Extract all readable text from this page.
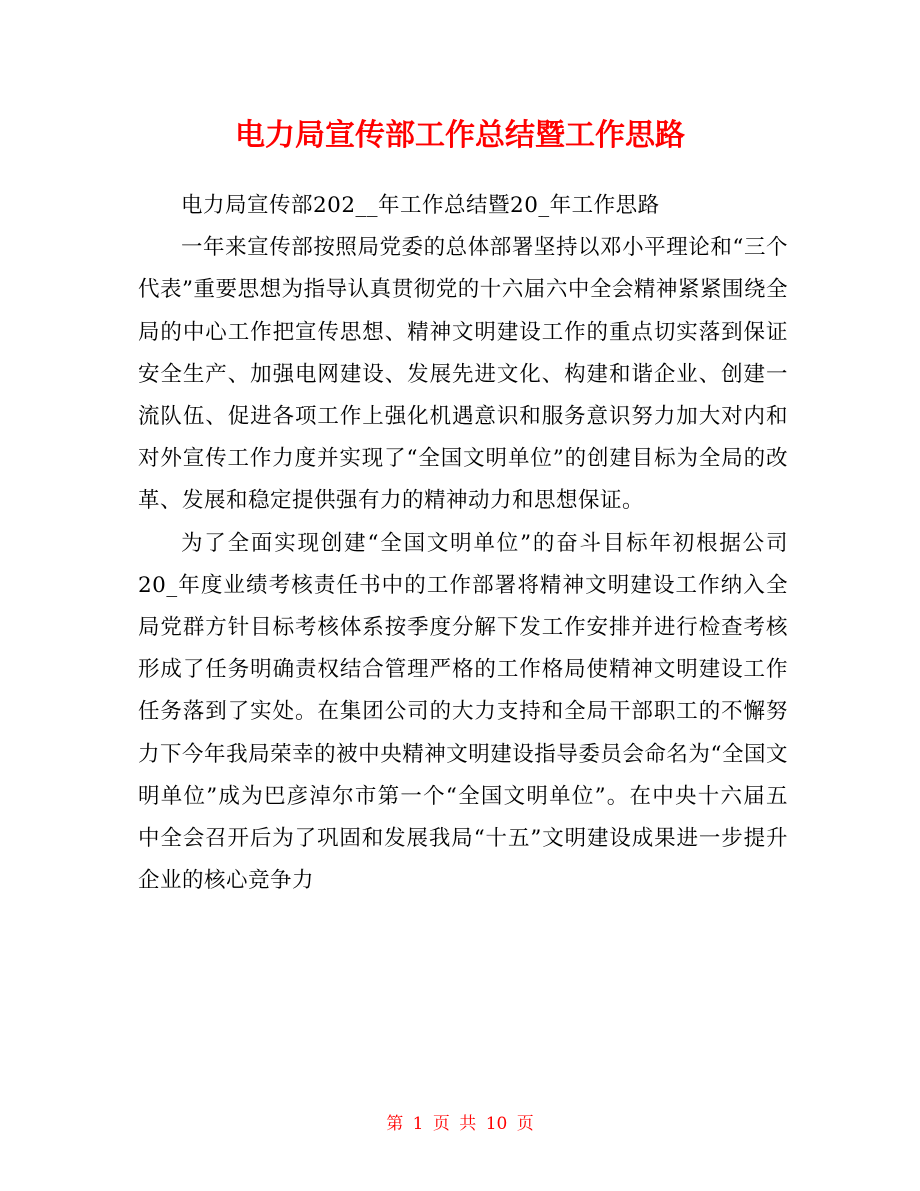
电力局宣传部工作总结暨工作思路

电力局宣传部202__年工作总结暨20_年工作思路

一年来宣传部按照局党委的总体部署坚持以邓小平理论和“三个代表”重要思想为指导认真贯彻党的十六届六中全会精神紧紧围绕全局的中心工作把宣传思想、精神文明建设工作的重点切实落到保证安全生产、加强电网建设、发展先进文化、构建和谐企业、创建一流队伍、促进各项工作上强化机遇意识和服务意识努力加大对内和对外宣传工作力度并实现了“全国文明单位”的创建目标为全局的改革、发展和稳定提供强有力的精神动力和思想保证。

为了全面实现创建“全国文明单位”的奋斗目标年初根据公司20_年度业绩考核责任书中的工作部署将精神文明建设工作纳入全局党群方针目标考核体系按季度分解下发工作安排并进行检查考核形成了任务明确责权结合管理严格的工作格局使精神文明建设工作任务落到了实处。在集团公司的大力支持和全局干部职工的不懈努力下今年我局荣幸的被中央精神文明建设指导委员会命名为“全国文明单位”成为巴彦淖尔市第一个“全国文明单位”。在中央十六届五中全会召开后为了巩固和发展我局“十五”文明建设成果进一步提升企业的核心竞争力

第 1 页 共 10 页
